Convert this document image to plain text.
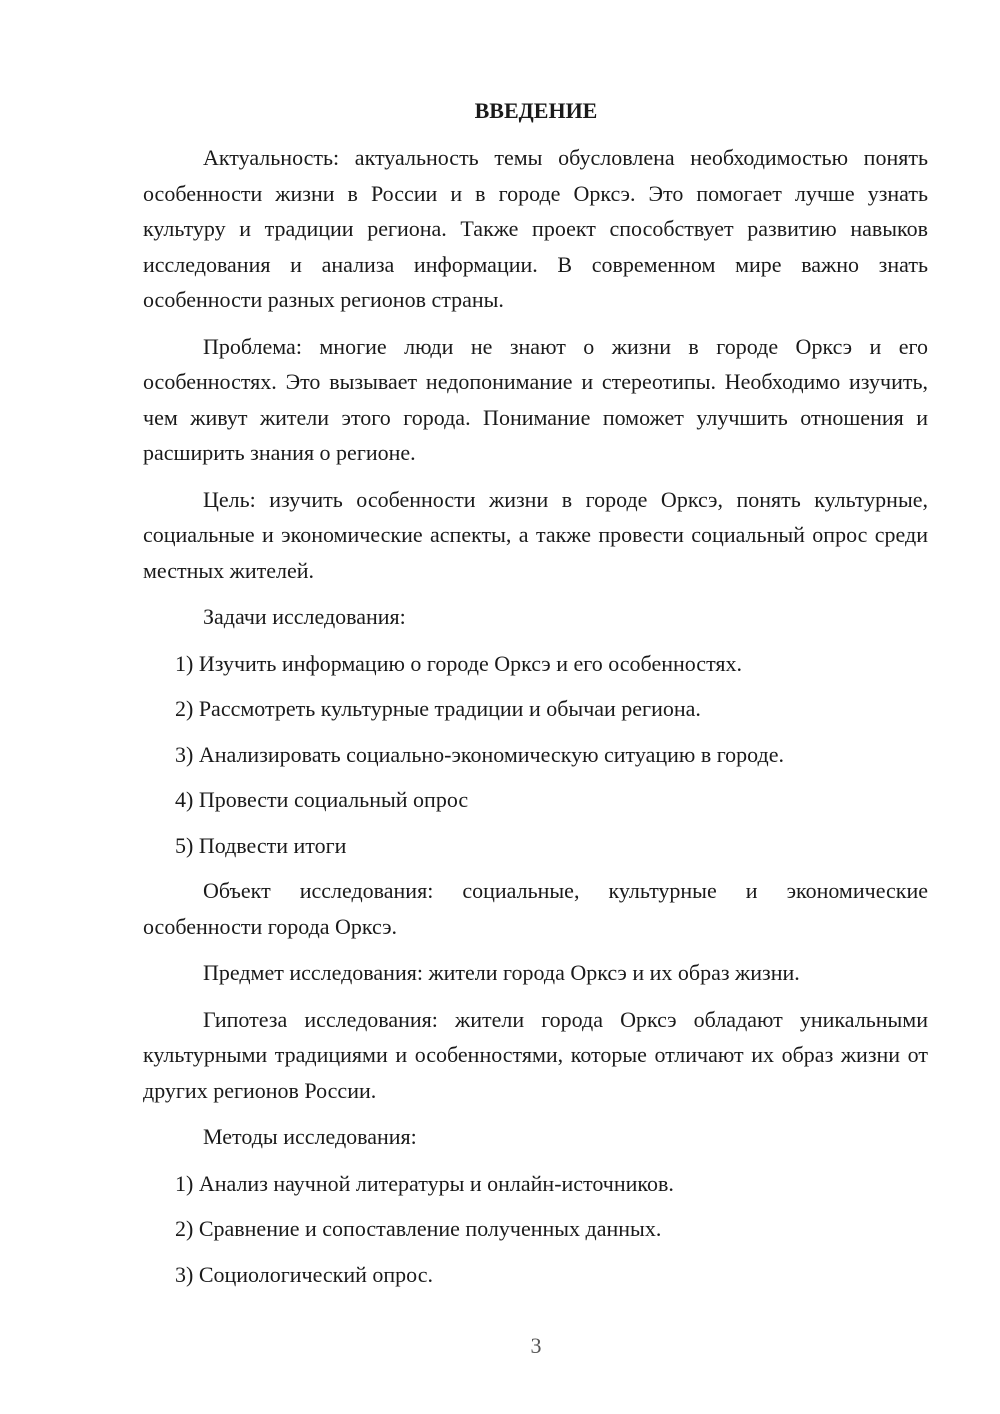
ВВЕДЕНИЕ

Актуальность: актуальность темы обусловлена необходимостью понять особенности жизни в России и в городе Орксэ. Это помогает лучше узнать культуру и традиции региона. Также проект способствует развитию навыков исследования и анализа информации. В современном мире важно знать особенности разных регионов страны.

Проблема: многие люди не знают о жизни в городе Орксэ и его особенностях. Это вызывает недопонимание и стереотипы. Необходимо изучить, чем живут жители этого города. Понимание поможет улучшить отношения и расширить знания о регионе.

Цель: изучить особенности жизни в городе Орксэ, понять культурные, социальные и экономические аспекты, а также провести социальный опрос среди местных жителей.

Задачи исследования:

1) Изучить информацию о городе Орксэ и его особенностях.

2) Рассмотреть культурные традиции и обычаи региона.

3) Анализировать социально-экономическую ситуацию в городе.

4) Провести социальный опрос

5) Подвести итоги

Объект исследования: социальные, культурные и экономические особенности города Орксэ.

Предмет исследования: жители города Орксэ и их образ жизни.

Гипотеза исследования: жители города Орксэ обладают уникальными культурными традициями и особенностями, которые отличают их образ жизни от других регионов России.

Методы исследования:

1) Анализ научной литературы и онлайн-источников.

2) Сравнение и сопоставление полученных данных.

3) Социологический опрос.

3
